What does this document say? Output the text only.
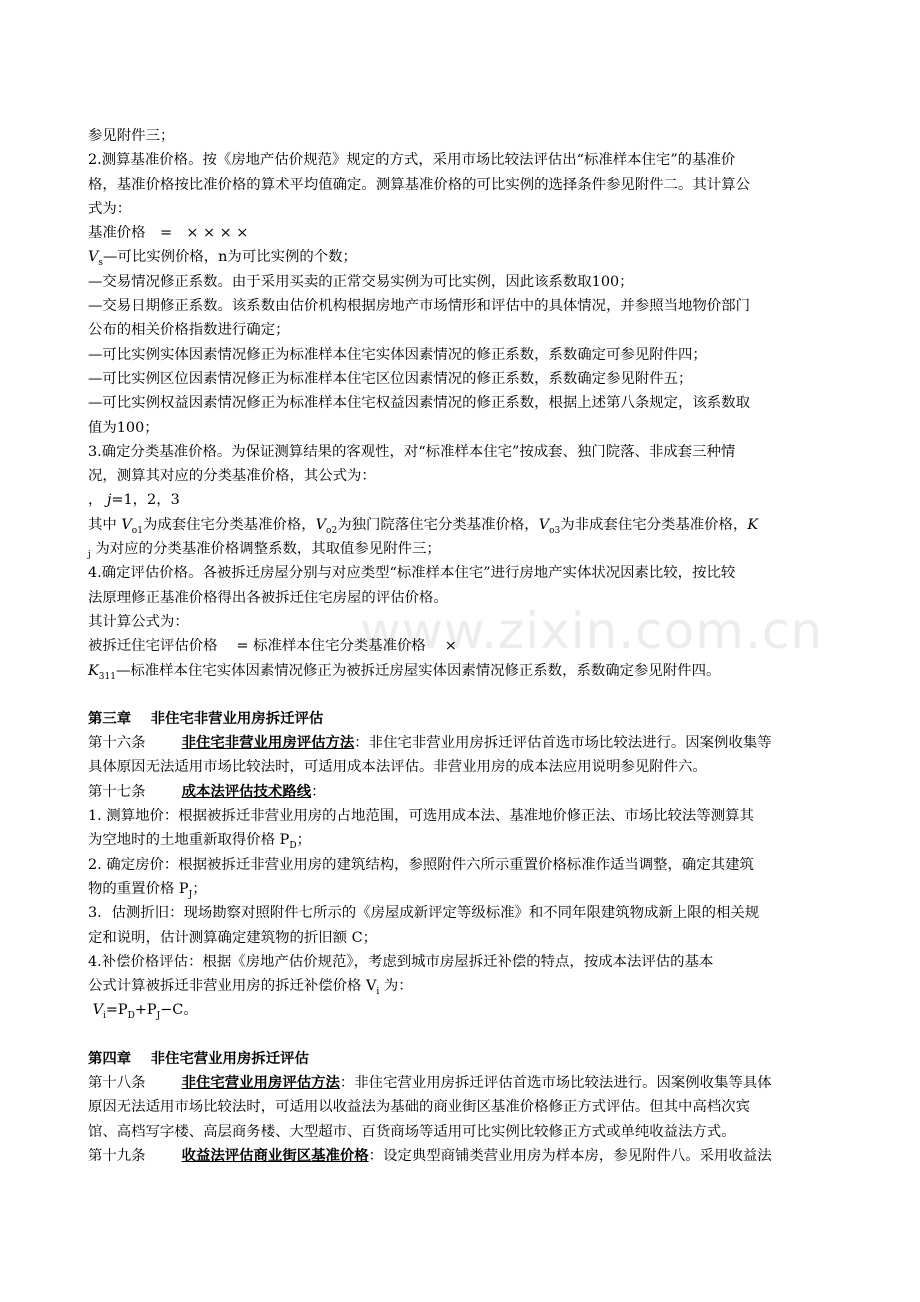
www.zixin.com.cn
参见附件三；
2.测算基准价格。按《房地产估价规范》规定的方式，采用市场比较法评估出“标准样本住宅”的基准价
格，基准价格按比准价格的算术平均值确定。测算基准价格的可比实例的选择条件参见附件二。其计算公
式为：
基准价格　=　× × × ×
$V_s—$可比实例价格，n为可比实例的个数；
—交易情况修正系数。由于采用买卖的正常交易实例为可比实例，因此该系数取100；
—交易日期修正系数。该系数由估价机构根据房地产市场情形和评估中的具体情况，并参照当地物价部门
公布的相关价格指数进行确定；
—可比实例实体因素情况修正为标准样本住宅实体因素情况的修正系数，系数确定可参见附件四；
—可比实例区位因素情况修正为标准样本住宅区位因素情况的修正系数，系数确定参见附件五；
—可比实例权益因素情况修正为标准样本住宅权益因素情况的修正系数，根据上述第八条规定，该系数取
值为100；
3.确定分类基准价格。为保证测算结果的客观性，对“标准样本住宅”按成套、独门院落、非成套三种情
况，测算其对应的分类基准价格，其公式为：
， j=1，2，3
其中 $V_{o1}$为成套住宅分类基准价格，$V_{o2}$为独门院落住宅分类基准价格，$V_{o3}$为非成套住宅分类基准价格，K
$_j$ 为对应的分类基准价格调整系数，其取值参见附件三；
4.确定评估价格。各被拆迁房屋分别与对应类型“标准样本住宅”进行房地产实体状况因素比较，按比较
法原理修正基准价格得出各被拆迁住宅房屋的评估价格。
其计算公式为：
被拆迁住宅评估价格　 = 标准样本住宅分类基准价格　 ×
$K_{311}—$标准样本住宅实体因素情况修正为被拆迁房屋实体因素情况修正系数，系数确定参见附件四。
第三章　 非住宅非营业用房拆迁评估
第十六条	非住宅非营业用房评估方法：非住宅非营业用房拆迁评估首选市场比较法进行。因案例收集等
具体原因无法适用市场比较法时，可适用成本法评估。非营业用房的成本法应用说明参见附件六。
第十七条	成本法评估技术路线：
1. 测算地价：根据被拆迁非营业用房的占地范围，可选用成本法、基准地价修正法、市场比较法等测算其
为空地时的土地重新取得价格 $P_D$；
2. 确定房价：根据被拆迁非营业用房的建筑结构，参照附件六所示重置价格标准作适当调整，确定其建筑
物的重置价格 $P_J$；
3．估测折旧：现场勘察对照附件七所示的《房屋成新评定等级标准》和不同年限建筑物成新上限的相关规
定和说明，估计测算确定建筑物的折旧额 C；
4.补偿价格评估：根据《房地产估价规范》，考虑到城市房屋拆迁补偿的特点，按成本法评估的基本
公式计算被拆迁非营业用房的拆迁补偿价格 $V_i$ 为：
$V_i=P_D+P_J-C$。
第四章　 非住宅营业用房拆迁评估
第十八条	非住宅营业用房评估方法：非住宅营业用房拆迁评估首选市场比较法进行。因案例收集等具体
原因无法适用市场比较法时，可适用以收益法为基础的商业街区基准价格修正方式评估。但其中高档次宾
馆、高档写字楼、高层商务楼、大型超市、百货商场等适用可比实例比较修正方式或单纯收益法方式。
第十九条	收益法评估商业街区基准价格：设定典型商铺类营业用房为样本房，参见附件八。采用收益法
